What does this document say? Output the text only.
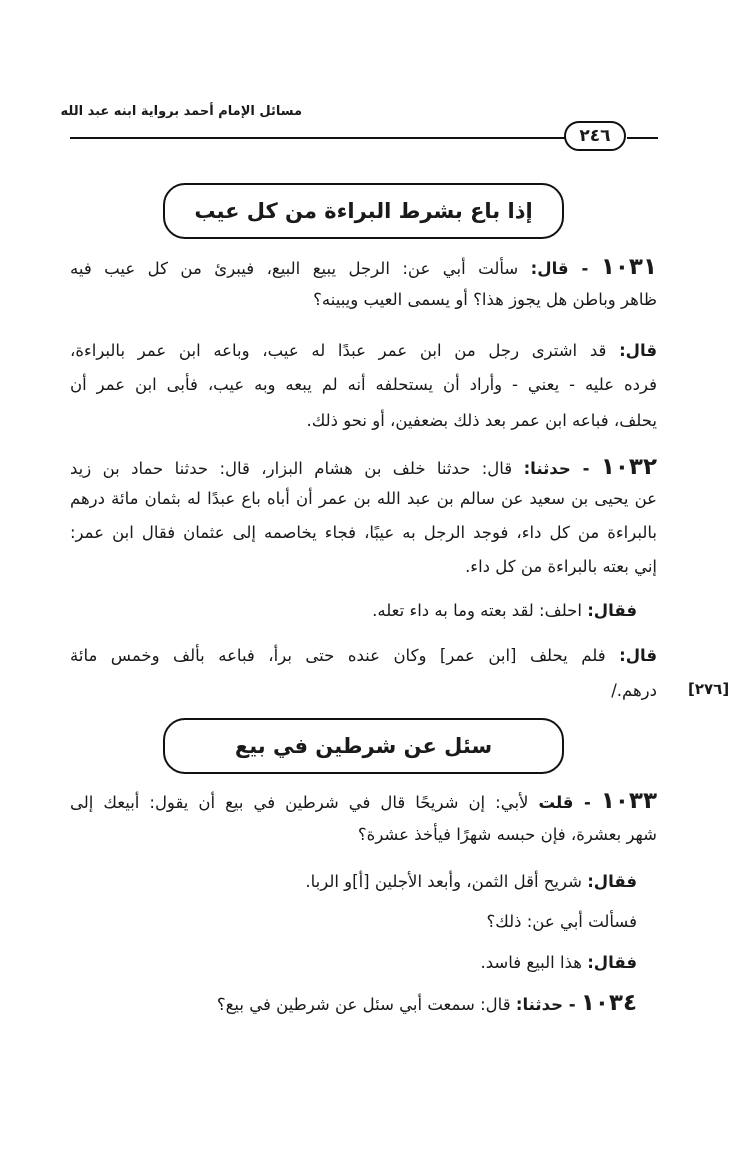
مسائل الإمام أحمد برواية ابنه عبد الله
٢٤٦
إذا باع بشرط البراءة من كل عيب
١٠٣١ - قال: سألت أبي عن: الرجل يبيع البيع، فيبرئ من كل عيب فيه
ظاهر وباطن هل يجوز هذا؟ أو يسمى العيب ويبينه؟
قال: قد اشترى رجل من ابن عمر عبدًا له عيب، وباعه ابن عمر بالبراءة،
فرده عليه - يعني - وأراد أن يستحلفه أنه لم يبعه وبه عيب، فأبى ابن عمر أن
يحلف، فباعه ابن عمر بعد ذلك بضعفين، أو نحو ذلك.
١٠٣٢ - حدثنا: قال: حدثنا خلف بن هشام البزار، قال: حدثنا حماد بن زيد
عن يحيى بن سعيد عن سالم بن عبد الله بن عمر أن أباه باع عبدًا له بثمان مائة درهم
بالبراءة من كل داء، فوجد الرجل به عيبًا، فجاء يخاصمه إلى عثمان فقال ابن عمر:
إني بعته بالبراءة من كل داء.
فقال: احلف: لقد بعته وما به داء تعله.
قال: فلم يحلف [ابن عمر] وكان عنده حتى برأ، فباعه بألف وخمس مائة
درهم./ [٢٧٦]
سئل عن شرطين في بيع
١٠٣٣ - قلت لأبي: إن شريحًا قال في شرطين في بيع أن يقول: أبيعك إلى
شهر بعشرة، فإن حبسه شهرًا فيأخذ عشرة؟
فقال: شريح أقل الثمن، وأبعد الأجلين [أ]و الربا.
فسألت أبي عن: ذلك؟
فقال: هذا البيع فاسد.
١٠٣٤ - حدثنا: قال: سمعت أبي سئل عن شرطين في بيع؟
